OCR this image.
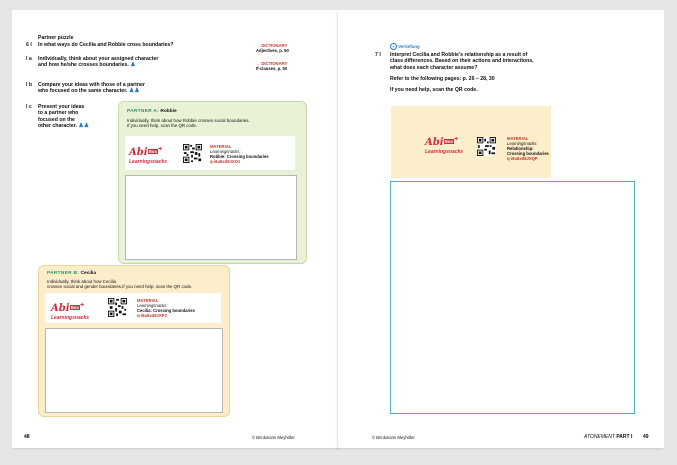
Partner puzzle
6 I In what ways do Cecilia and Robbie cross boundaries?	→ DICTIONARY
Adjectives, p. 50
→ DICTIONARY
If-clauses, p. 50
I a Individually, think about your assigned character
and how he/she crosses boundaries. ♟
I b Compare your ideas with those of a partner
who focused on the same character. ♟♟
I c Present your ideas
to a partner who
focused on the
other character. ♟♟
PARTNER A: Robbie
Individually, think about how Robbie crosses social boundaries.
If you need help, scan the QR code.
AbiBox+
Learningsnacks
MATERIAL
Learningsnacks:
Robbie: Crossing boundaries
q-i6u6xd8JXO1
PARTNER B: Cecilia
Individually, think about how Cecilia
crosses social and gender boundaries.If you need help, scan the QR code.
AbiBox+
Learningsnacks
MATERIAL
Learningsnacks:
Cecilia: Crossing boundaries
q-i6u6xd8JXP3
48	© Brinkmann Meyhöfer
+ Vertiefung
7 I Interpret Cecilia and Robbie's relationship as a result of
class differences. Based on their actions and interactions,
what does each character assume?
Refer to the following pages: p. 26 – 28, 30
If you need help, scan the QR code.
AbiBox+
Learningsnacks
MATERIAL
Learningsnacks:
Relationship:
Crossing boundaries
q-i6u6xd8JXQP
© Brinkmann Meyhöfer	ATONEMENT PART I 49
